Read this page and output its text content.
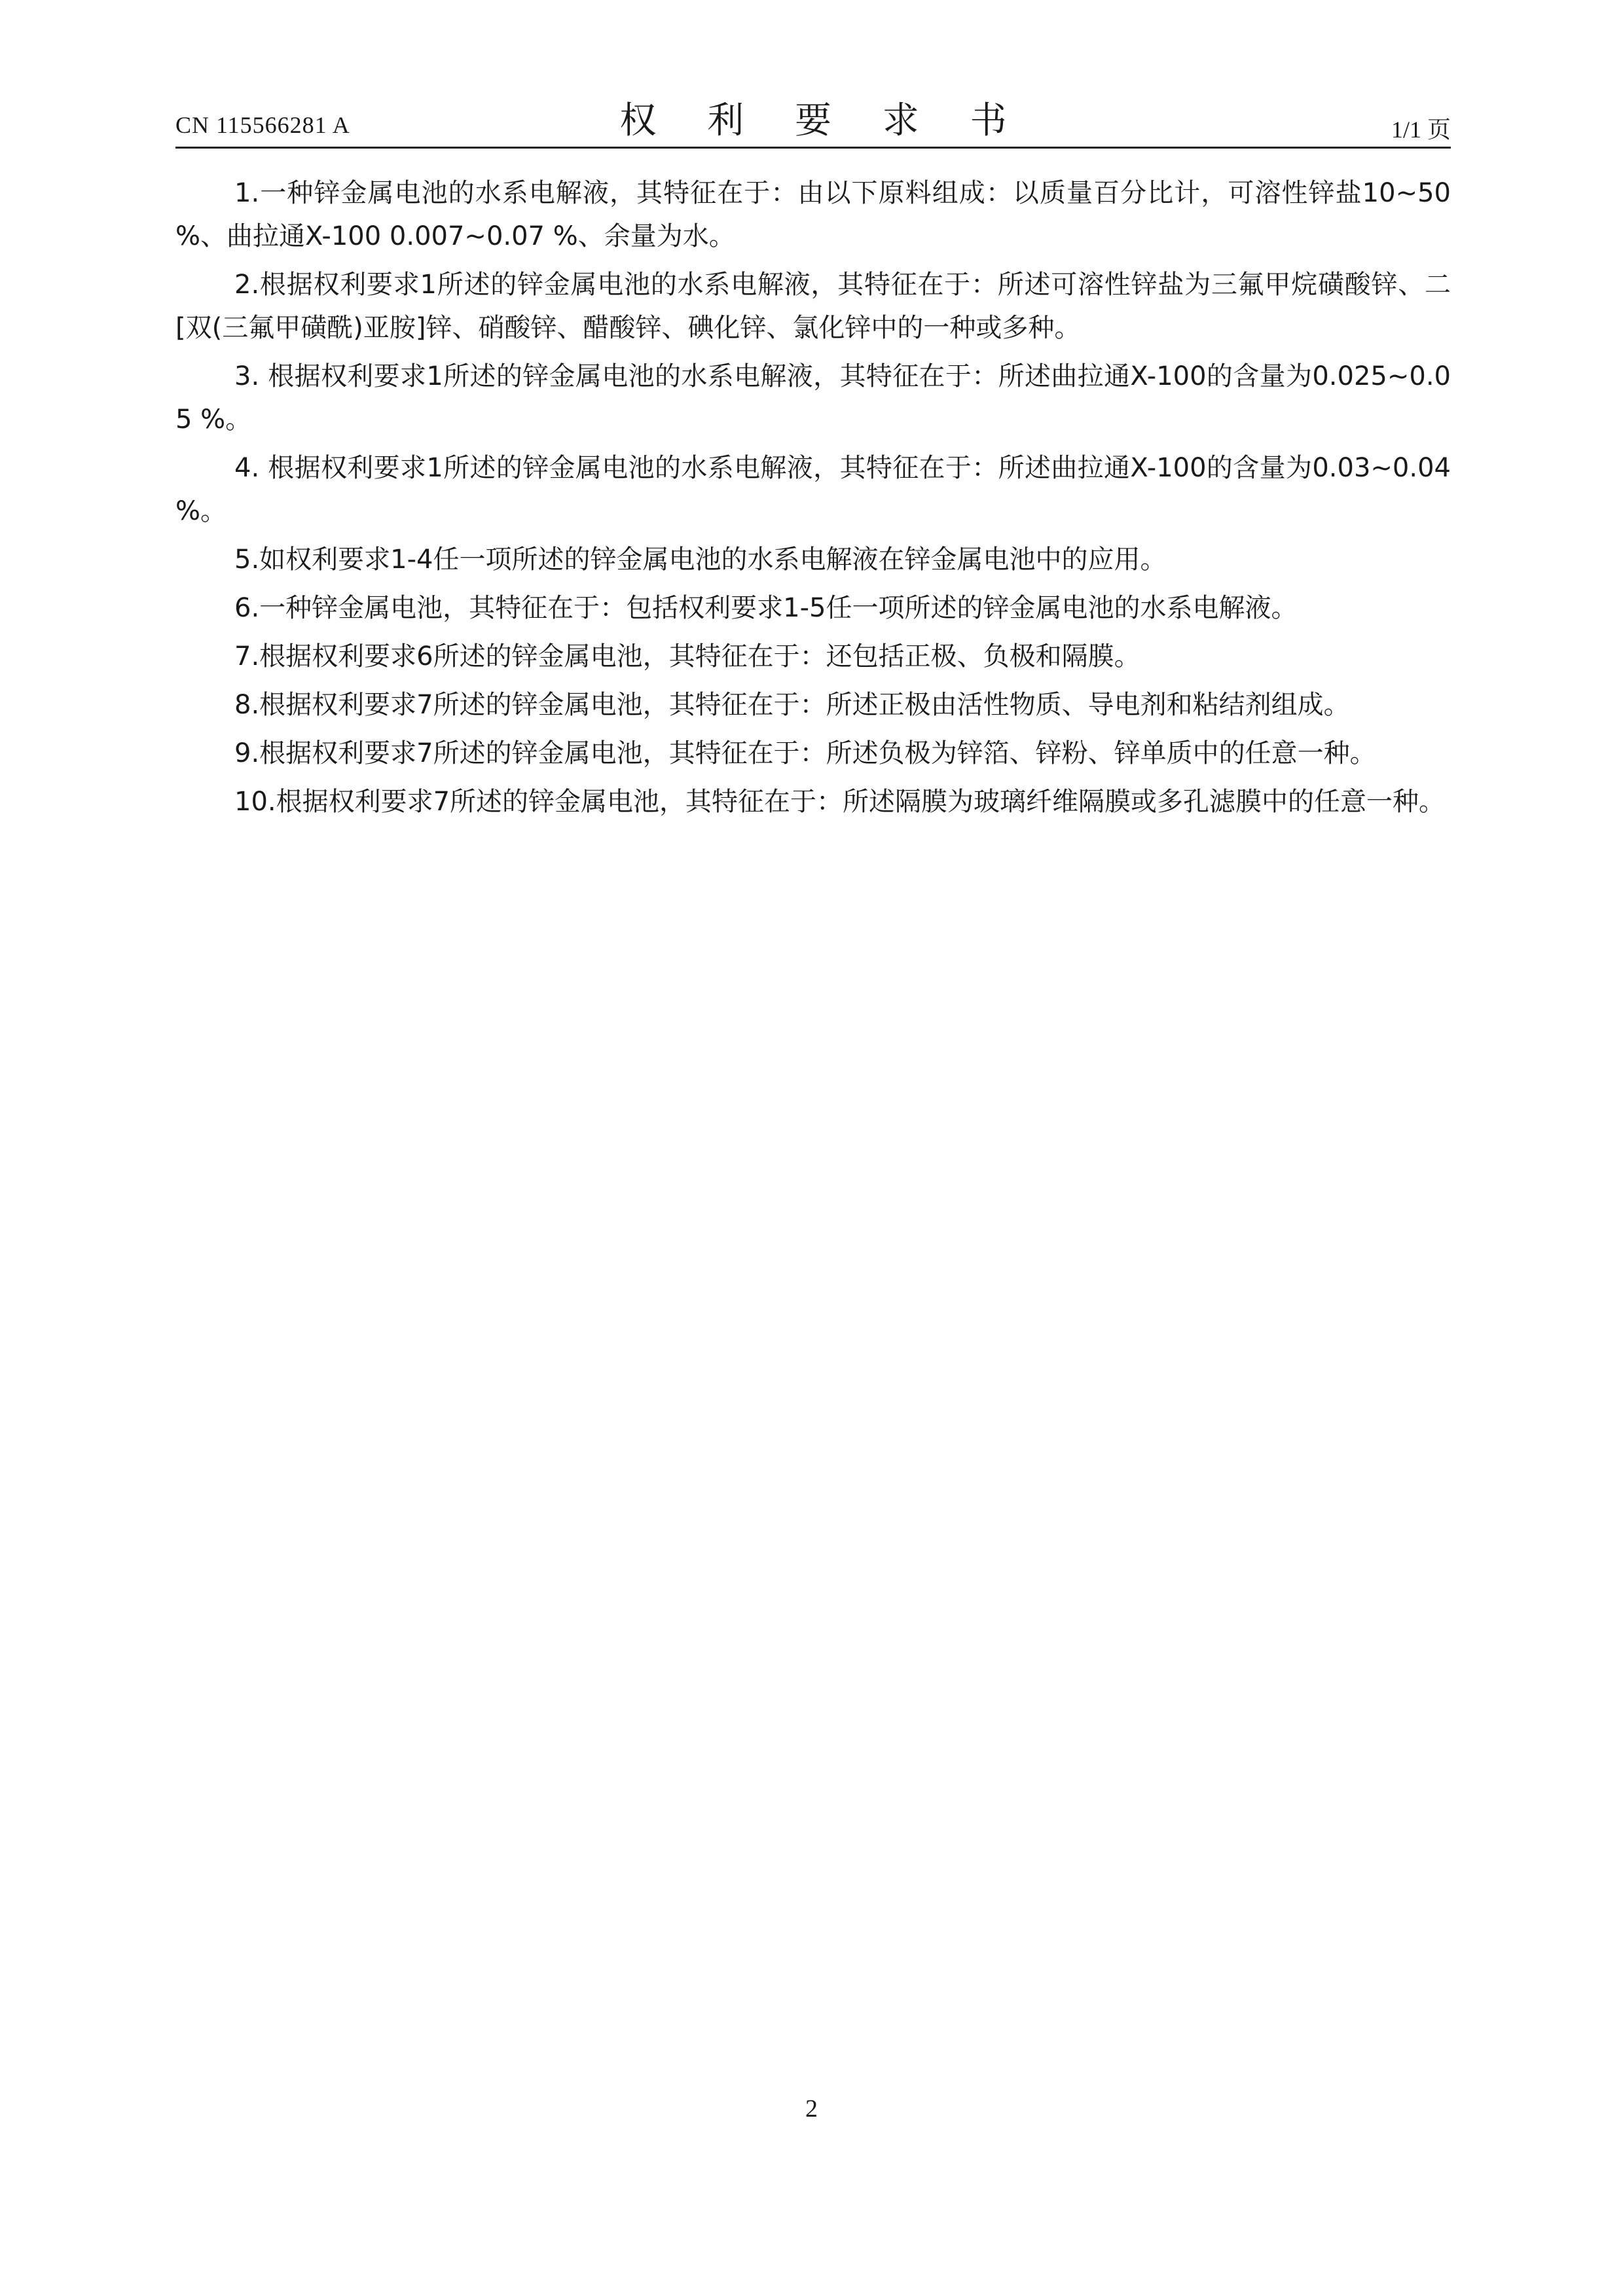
CN 115566281 A	权 利 要 求 书	1/1 页
1.一种锌金属电池的水系电解液，其特征在于：由以下原料组成：以质量百分比计，可溶性锌盐10~50 %、曲拉通X-100 0.007~0.07 %、余量为水。
2.根据权利要求1所述的锌金属电池的水系电解液，其特征在于：所述可溶性锌盐为三氟甲烷磺酸锌、二[双(三氟甲磺酰)亚胺]锌、硝酸锌、醋酸锌、碘化锌、氯化锌中的一种或多种。
3. 根据权利要求1所述的锌金属电池的水系电解液，其特征在于：所述曲拉通X-100的含量为0.025~0.05 %。
4. 根据权利要求1所述的锌金属电池的水系电解液，其特征在于：所述曲拉通X-100的含量为0.03~0.04 %。
5.如权利要求1-4任一项所述的锌金属电池的水系电解液在锌金属电池中的应用。
6.一种锌金属电池，其特征在于：包括权利要求1-5任一项所述的锌金属电池的水系电解液。
7.根据权利要求6所述的锌金属电池，其特征在于：还包括正极、负极和隔膜。
8.根据权利要求7所述的锌金属电池，其特征在于：所述正极由活性物质、导电剂和粘结剂组成。
9.根据权利要求7所述的锌金属电池，其特征在于：所述负极为锌箔、锌粉、锌单质中的任意一种。
10.根据权利要求7所述的锌金属电池，其特征在于：所述隔膜为玻璃纤维隔膜或多孔滤膜中的任意一种。
2
